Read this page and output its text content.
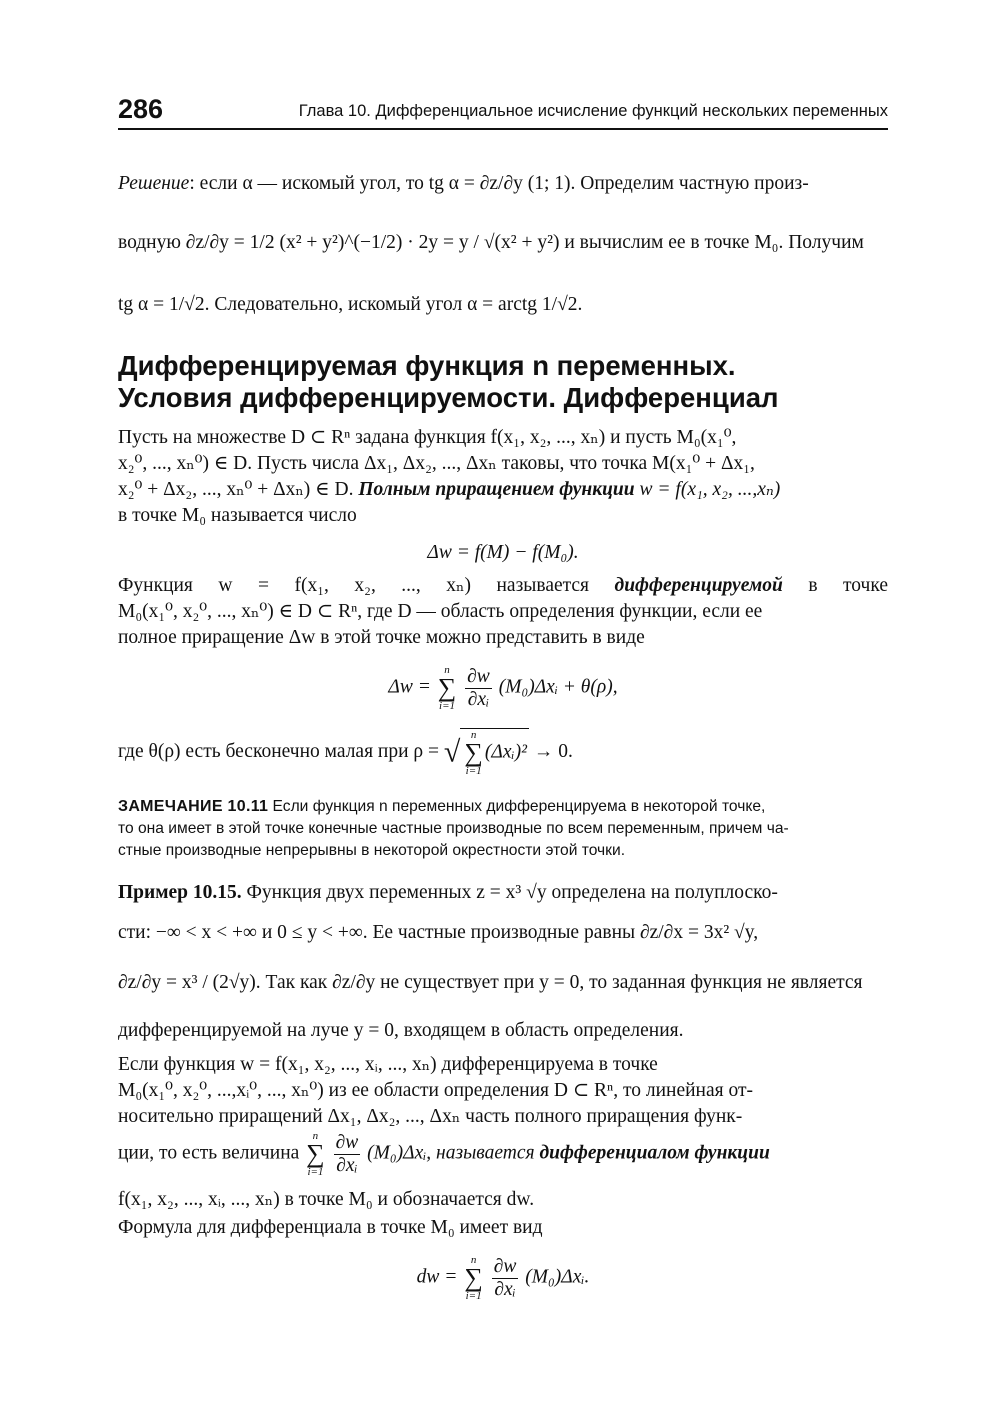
286	Глава 10. Дифференциальное исчисление функций нескольких переменных
Решение: если α — искомый угол, то tg α = ∂z/∂y (1; 1). Определим частную произ-
водную ∂z/∂y = 1/2 (x² + y²)^(−1/2) · 2y = y / √(x² + y²) и вычислим ее в точке M₀. Получим
tg α = 1/√2. Следовательно, искомый угол α = arctg 1/√2.
Дифференцируемая функция n переменных.
Условия дифференцируемости. Дифференциал
Пусть на множестве D ⊂ Rⁿ задана функция f(x₁, x₂, ..., xₙ) и пусть M₀(x₁⁰,
x₂⁰, ..., xₙ⁰) ∈ D. Пусть числа Δx₁, Δx₂, ..., Δxₙ таковы, что точка M(x₁⁰ + Δx₁,
x₂⁰ + Δx₂, ..., xₙ⁰ + Δxₙ) ∈ D. Полным приращением функции w = f(x₁, x₂, ...,xₙ)
в точке M₀ называется число
Δw = f(M) − f(M₀).
Функция w = f(x₁, x₂, ..., xₙ) называется дифференцируемой в точке
M₀(x₁⁰, x₂⁰, ..., xₙ⁰) ∈ D ⊂ Rⁿ, где D — область определения функции, если ее
полное приращение Δw в этой точке можно представить в виде
Δw =
n
∑
i=1
$\frac{\partial w}{\text{∂xᵢ}}$ (M₀)Δxᵢ + θ(ρ),
где θ(ρ) есть бесконечно малая при ρ = √
n
∑
i=1
(Δxᵢ)² → 0.
ЗАМЕЧАНИЕ 10.11 Если функция n переменных дифференцируема в некоторой точке,
то она имеет в этой точке конечные частные производные по всем переменным, причем ча-
стные производные непрерывны в некоторой окрестности этой точки.
Пример 10.15. Функция двух переменных z = x³ √y определена на полуплоско-
сти: −∞ < x < +∞ и 0 ≤ y < +∞. Ее частные производные равны ∂z/∂x = 3x² √y,
∂z/∂y = x³ / (2√y). Так как ∂z/∂y не существует при y = 0, то заданная функция не является
дифференцируемой на луче y = 0, входящем в область определения.
Если функция w = f(x₁, x₂, ..., xᵢ, ..., xₙ) дифференцируема в точке
M₀(x₁⁰, x₂⁰, ...,xᵢ⁰, ..., xₙ⁰) из ее области определения D ⊂ Rⁿ, то линейная от-
носительно приращений Δx₁, Δx₂, ..., Δxₙ часть полного приращения функ-
ции, то есть величина
n
∑
i=1
$\frac{\partial w}{\text{∂xᵢ}}$ (M₀)Δxᵢ, называется дифференциалом функции
f(x₁, x₂, ..., xᵢ, ..., xₙ) в точке M₀ и обозначается dw.
Формула для дифференциала в точке M₀ имеет вид
dw =
n
∑
i=1
$\frac{\partial w}{\text{∂xᵢ}}$ (M₀)Δxᵢ.
